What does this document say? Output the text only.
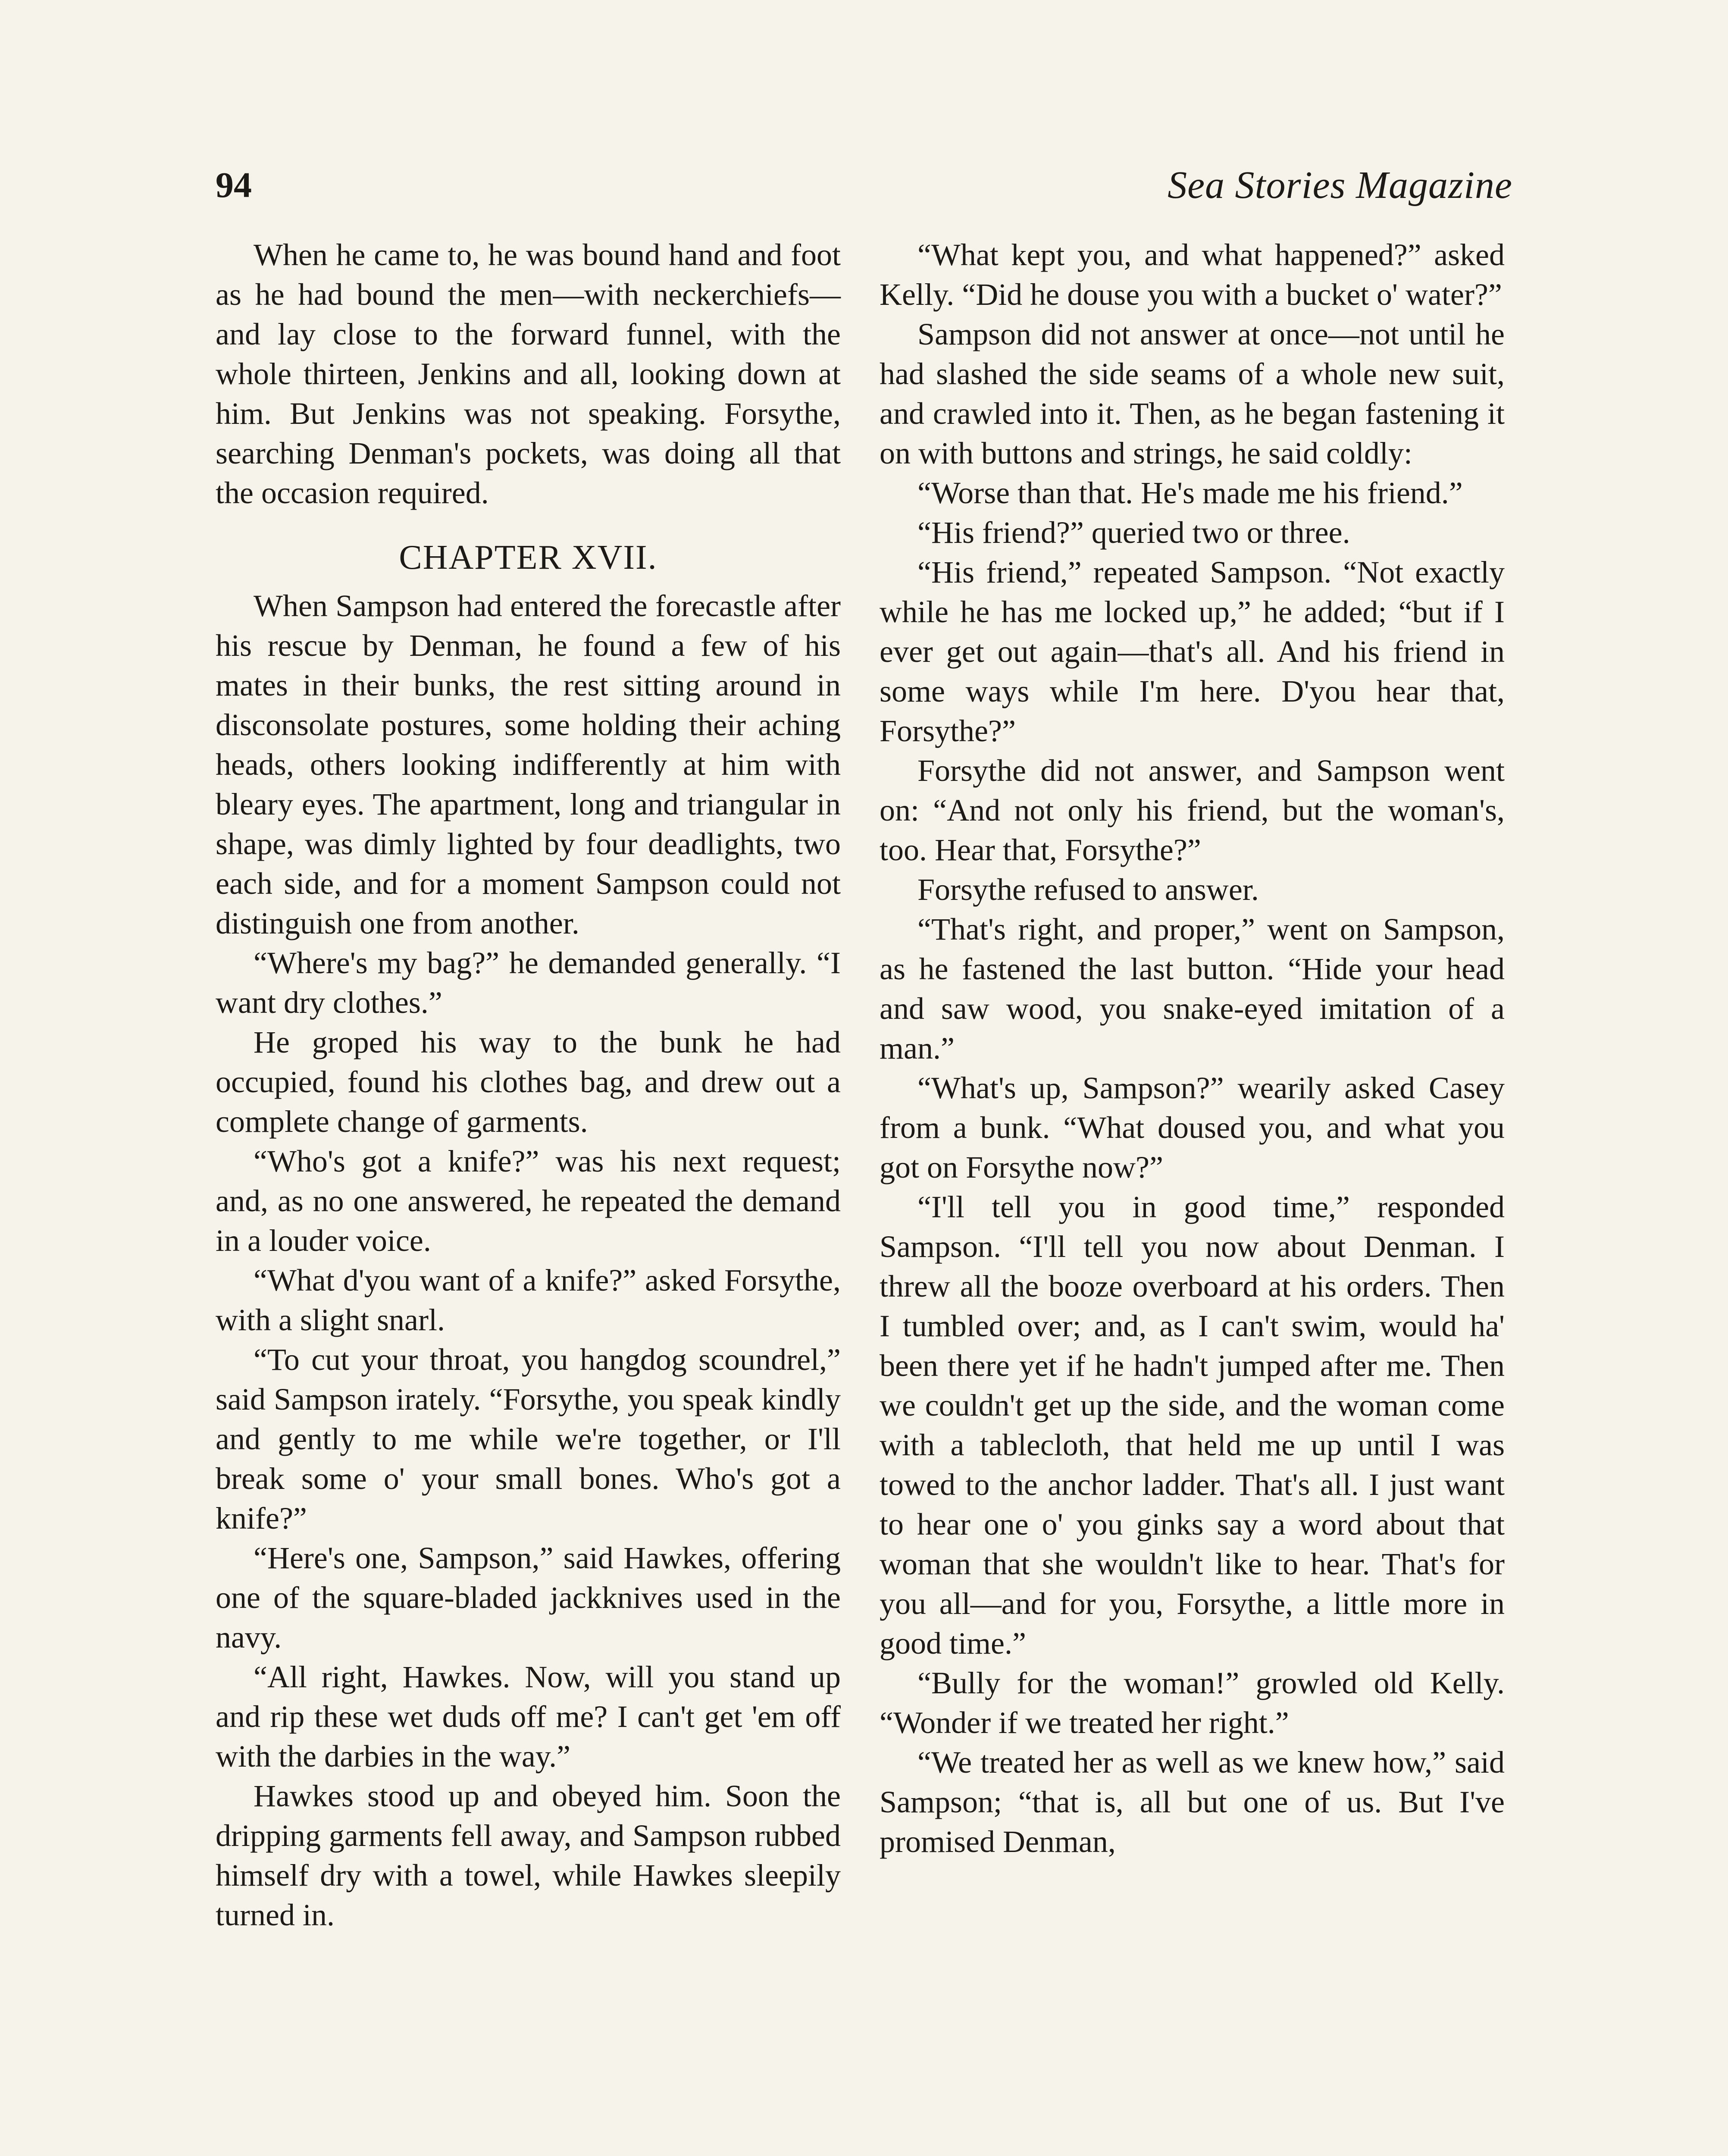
94	Sea Stories Magazine

When he came to, he was bound hand and foot as he had bound the men—with neckerchiefs—and lay close to the forward funnel, with the whole thirteen, Jenkins and all, looking down at him. But Jenkins was not speaking. Forsythe, searching Denman's pockets, was doing all that the occasion required.

CHAPTER XVII.

When Sampson had entered the forecastle after his rescue by Denman, he found a few of his mates in their bunks, the rest sitting around in disconsolate postures, some holding their aching heads, others looking indifferently at him with bleary eyes. The apartment, long and triangular in shape, was dimly lighted by four deadlights, two each side, and for a moment Sampson could not distinguish one from another.

“Where's my bag?” he demanded generally. “I want dry clothes.”

He groped his way to the bunk he had occupied, found his clothes bag, and drew out a complete change of garments.

“Who's got a knife?” was his next request; and, as no one answered, he repeated the demand in a louder voice.

“What d'you want of a knife?” asked Forsythe, with a slight snarl.

“To cut your throat, you hangdog scoundrel,” said Sampson irately. “Forsythe, you speak kindly and gently to me while we're together, or I'll break some o' your small bones. Who's got a knife?”

“Here's one, Sampson,” said Hawkes, offering one of the square-bladed jackknives used in the navy.

“All right, Hawkes. Now, will you stand up and rip these wet duds off me? I can't get 'em off with the darbies in the way.”

Hawkes stood up and obeyed him. Soon the dripping garments fell away, and Sampson rubbed himself dry with a towel, while Hawkes sleepily turned in.

“What kept you, and what happened?” asked Kelly. “Did he douse you with a bucket o' water?”

Sampson did not answer at once—not until he had slashed the side seams of a whole new suit, and crawled into it. Then, as he began fastening it on with buttons and strings, he said coldly:

“Worse than that. He's made me his friend.”

“His friend?” queried two or three.

“His friend,” repeated Sampson. “Not exactly while he has me locked up,” he added; “but if I ever get out again—that's all. And his friend in some ways while I'm here. D'you hear that, Forsythe?”

Forsythe did not answer, and Sampson went on: “And not only his friend, but the woman's, too. Hear that, Forsythe?”

Forsythe refused to answer.

“That's right, and proper,” went on Sampson, as he fastened the last button. “Hide your head and saw wood, you snake-eyed imitation of a man.”

“What's up, Sampson?” wearily asked Casey from a bunk. “What doused you, and what you got on Forsythe now?”

“I'll tell you in good time,” responded Sampson. “I'll tell you now about Denman. I threw all the booze overboard at his orders. Then I tumbled over; and, as I can't swim, would ha' been there yet if he hadn't jumped after me. Then we couldn't get up the side, and the woman come with a tablecloth, that held me up until I was towed to the anchor ladder. That's all. I just want to hear one o' you ginks say a word about that woman that she wouldn't like to hear. That's for you all—and for you, Forsythe, a little more in good time.”

“Bully for the woman!” growled old Kelly. “Wonder if we treated her right.”

“We treated her as well as we knew how,” said Sampson; “that is, all but one of us. But I've promised Denman,
